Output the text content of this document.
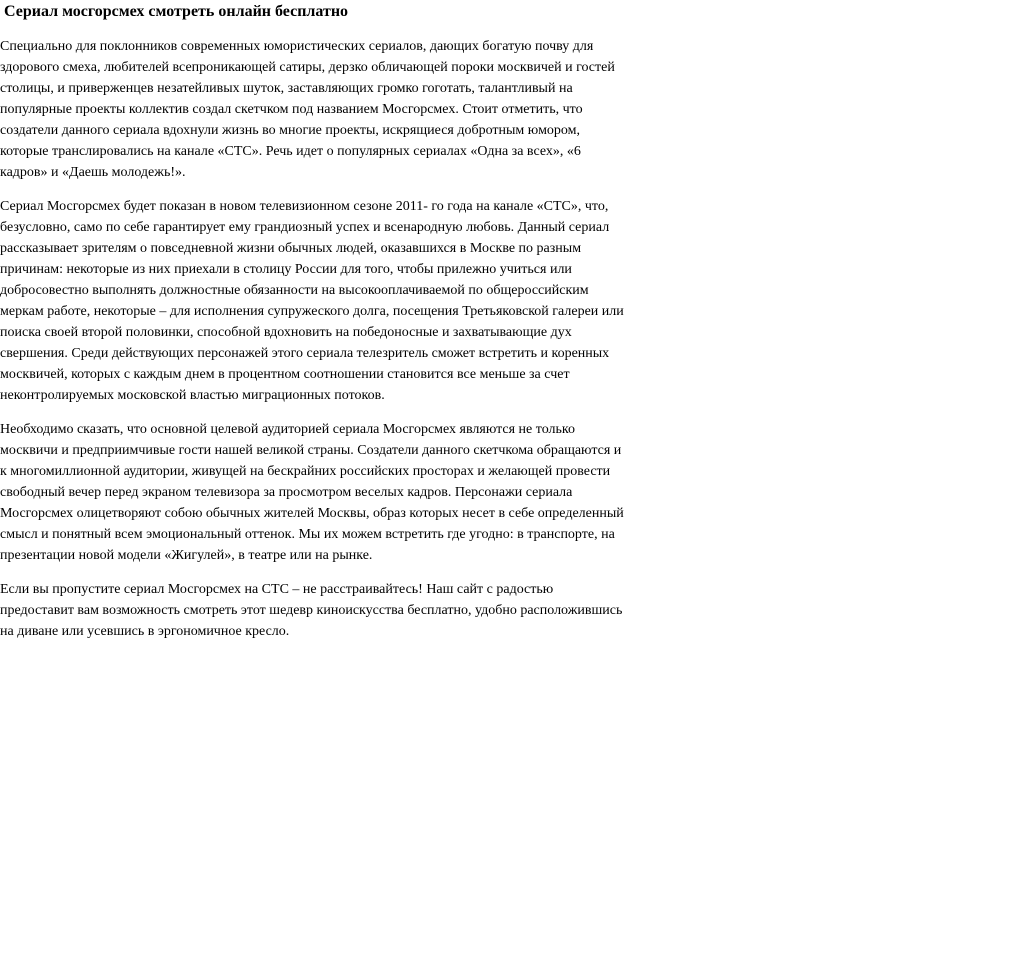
Сериал мосгорсмех смотреть онлайн бесплатно

Специально для поклонников современных юмористических сериалов, дающих богатую почву для здорового смеха, любителей всепроникающей сатиры, дерзко обличающей пороки москвичей и гостей столицы, и приверженцев незатейливых шуток, заставляющих громко гоготать, талантливый на популярные проекты коллектив создал скетчком под названием Мосгорсмех. Стоит отметить, что создатели данного сериала вдохнули жизнь во многие проекты, искрящиеся добротным юмором, которые транслировались на канале «СТС». Речь идет о популярных сериалах «Одна за всех», «6 кадров» и «Даешь молодежь!».

Сериал Мосгорсмех будет показан в новом телевизионном сезоне 2011- го года на канале «СТС», что, безусловно, само по себе гарантирует ему грандиозный успех и всенародную любовь. Данный сериал рассказывает зрителям о повседневной жизни обычных людей, оказавшихся в Москве по разным причинам: некоторые из них приехали в столицу России для того, чтобы прилежно учиться или добросовестно выполнять должностные обязанности на высокооплачиваемой по общероссийским меркам работе, некоторые – для исполнения супружеского долга, посещения Третьяковской галереи или поиска своей второй половинки, способной вдохновить на победоносные и захватывающие дух свершения. Среди действующих персонажей этого сериала телезритель сможет встретить и коренных москвичей, которых с каждым днем в процентном соотношении становится все меньше за счет неконтролируемых московской властью миграционных потоков.

Необходимо сказать, что основной целевой аудиторией сериала Мосгорсмех являются не только москвичи и предприимчивые гости нашей великой страны. Создатели данного скетчкома обращаются и к многомиллионной аудитории, живущей на бескрайних российских просторах и желающей провести свободный вечер перед экраном телевизора за просмотром веселых кадров. Персонажи сериала Мосгорсмех олицетворяют собою обычных жителей Москвы, образ которых несет в себе определенный смысл и понятный всем эмоциональный оттенок. Мы их можем встретить где угодно: в транспорте, на презентации новой модели «Жигулей», в театре или на рынке.

Если вы пропустите сериал Мосгорсмех на СТС – не расстраивайтесь! Наш сайт с радостью предоставит вам возможность смотреть этот шедевр киноискусства бесплатно, удобно расположившись на диване или усевшись в эргономичное кресло.
